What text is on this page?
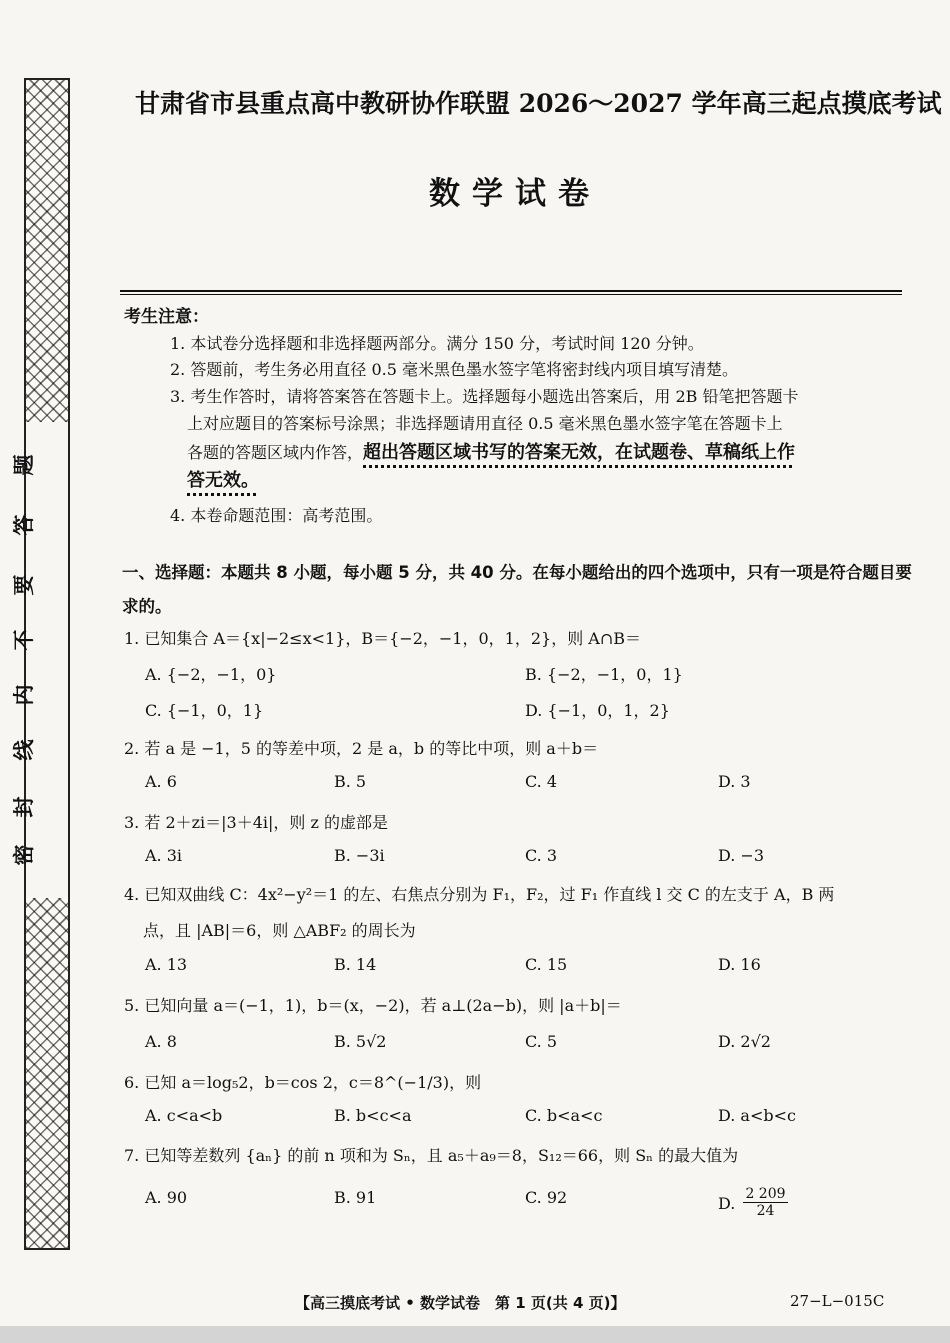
题
答
要
不
内
线
封
密
甘肃省市县重点高中教研协作联盟 2026～2027 学年高三起点摸底考试
数学试卷
考生注意：
1. 本试卷分选择题和非选择题两部分。满分 150 分，考试时间 120 分钟。
2. 答题前，考生务必用直径 0.5 毫米黑色墨水签字笔将密封线内项目填写清楚。
3. 考生作答时，请将答案答在答题卡上。选择题每小题选出答案后，用 2B 铅笔把答题卡
上对应题目的答案标号涂黑；非选择题请用直径 0.5 毫米黑色墨水签字笔在答题卡上
各题的答题区域内作答，超出答题区域书写的答案无效，在试题卷、草稿纸上作
答无效。
4. 本卷命题范围：高考范围。
一、选择题：本题共 8 小题，每小题 5 分，共 40 分。在每小题给出的四个选项中，只有一项是符合题目要求的。
1. 已知集合 A＝{x|−2≤x<1}，B＝{−2，−1，0，1，2}，则 A∩B＝
A. {−2，−1，0}	B. {−2，−1，0，1}
C. {−1，0，1}	D. {−1，0，1，2}
2. 若 a 是 −1，5 的等差中项，2 是 a，b 的等比中项，则 a＋b＝
A. 6	B. 5	C. 4	D. 3
3. 若 2＋zi＝|3＋4i|，则 z 的虚部是
A. 3i	B. −3i	C. 3	D. −3
4. 已知双曲线 C：4x²−y²＝1 的左、右焦点分别为 F₁，F₂，过 F₁ 作直线 l 交 C 的左支于 A，B 两
点，且 |AB|＝6，则 △ABF₂ 的周长为
A. 13	B. 14	C. 15	D. 16
5. 已知向量 a＝(−1，1)，b＝(x，−2)，若 a⊥(2a−b)，则 |a＋b|＝
A. 8	B. 5√2	C. 5	D. 2√2
6. 已知 a＝log₅2，b＝cos 2，c＝8^(−1/3)，则
A. c<a<b	B. b<c<a	C. b<a<c	D. a<b<c
7. 已知等差数列 {aₙ} 的前 n 项和为 Sₙ，且 a₅＋a₉＝8，S₁₂＝66，则 Sₙ 的最大值为
A. 90	B. 91	C. 92	D. $\frac{2 209}{24}$
【高三摸底考试 • 数学试卷　第 1 页(共 4 页)】	27−L−015C
